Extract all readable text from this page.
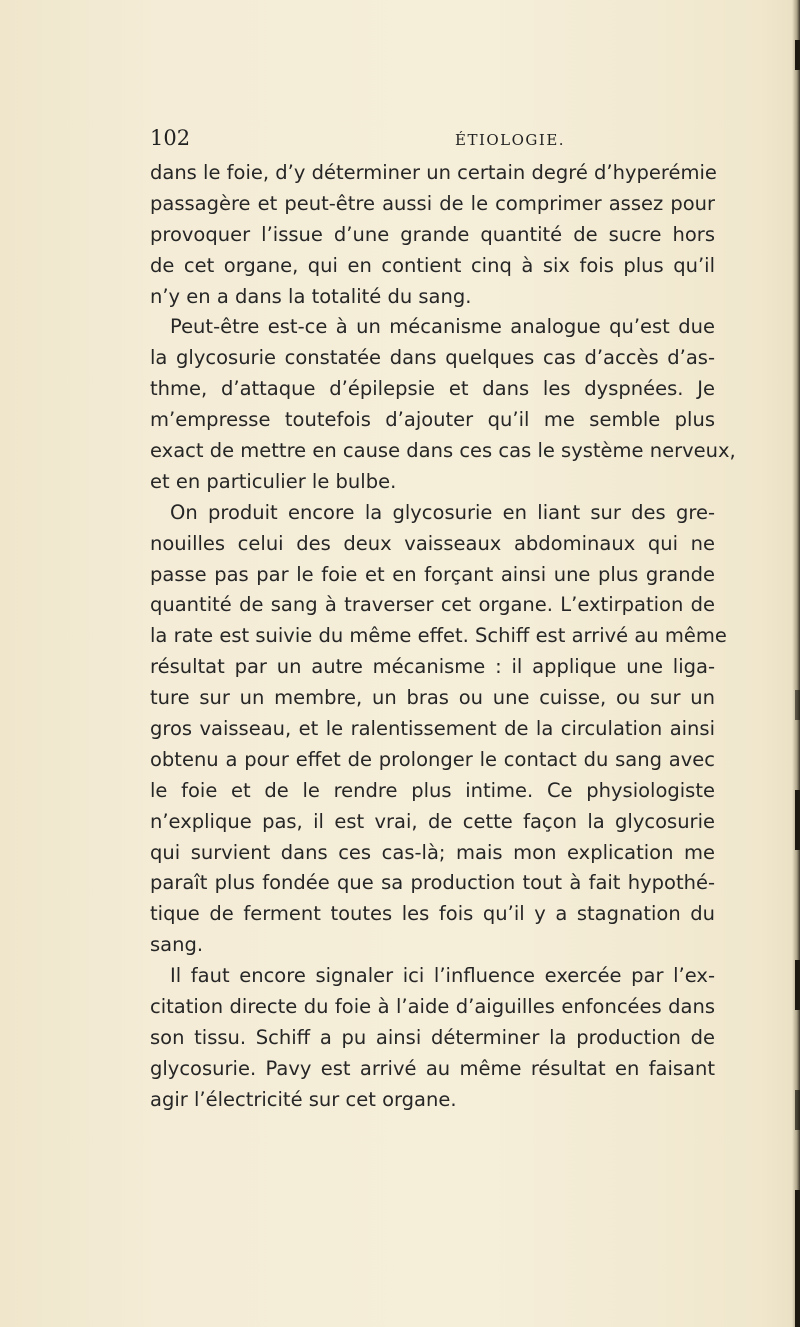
102	ÉTIOLOGIE.
dans le foie, d’y déterminer un certain degré d’hyperémie
passagère et peut-être aussi de le comprimer assez pour
provoquer l’issue d’une grande quantité de sucre hors
de cet organe, qui en contient cinq à six fois plus qu’il
n’y en a dans la totalité du sang.
Peut-être est-ce à un mécanisme analogue qu’est due
la glycosurie constatée dans quelques cas d’accès d’as-
thme, d’attaque d’épilepsie et dans les dyspnées. Je
m’empresse toutefois d’ajouter qu’il me semble plus
exact de mettre en cause dans ces cas le système nerveux,
et en particulier le bulbe.
On produit encore la glycosurie en liant sur des gre-
nouilles celui des deux vaisseaux abdominaux qui ne
passe pas par le foie et en forçant ainsi une plus grande
quantité de sang à traverser cet organe. L’extirpation de
la rate est suivie du même effet. Schiff est arrivé au même
résultat par un autre mécanisme : il applique une liga-
ture sur un membre, un bras ou une cuisse, ou sur un
gros vaisseau, et le ralentissement de la circulation ainsi
obtenu a pour effet de prolonger le contact du sang avec
le foie et de le rendre plus intime. Ce physiologiste
n’explique pas, il est vrai, de cette façon la glycosurie
qui survient dans ces cas-là; mais mon explication me
paraît plus fondée que sa production tout à fait hypothé-
tique de ferment toutes les fois qu’il y a stagnation du
sang.
Il faut encore signaler ici l’influence exercée par l’ex-
citation directe du foie à l’aide d’aiguilles enfoncées dans
son tissu. Schiff a pu ainsi déterminer la production de
glycosurie. Pavy est arrivé au même résultat en faisant
agir l’électricité sur cet organe.
